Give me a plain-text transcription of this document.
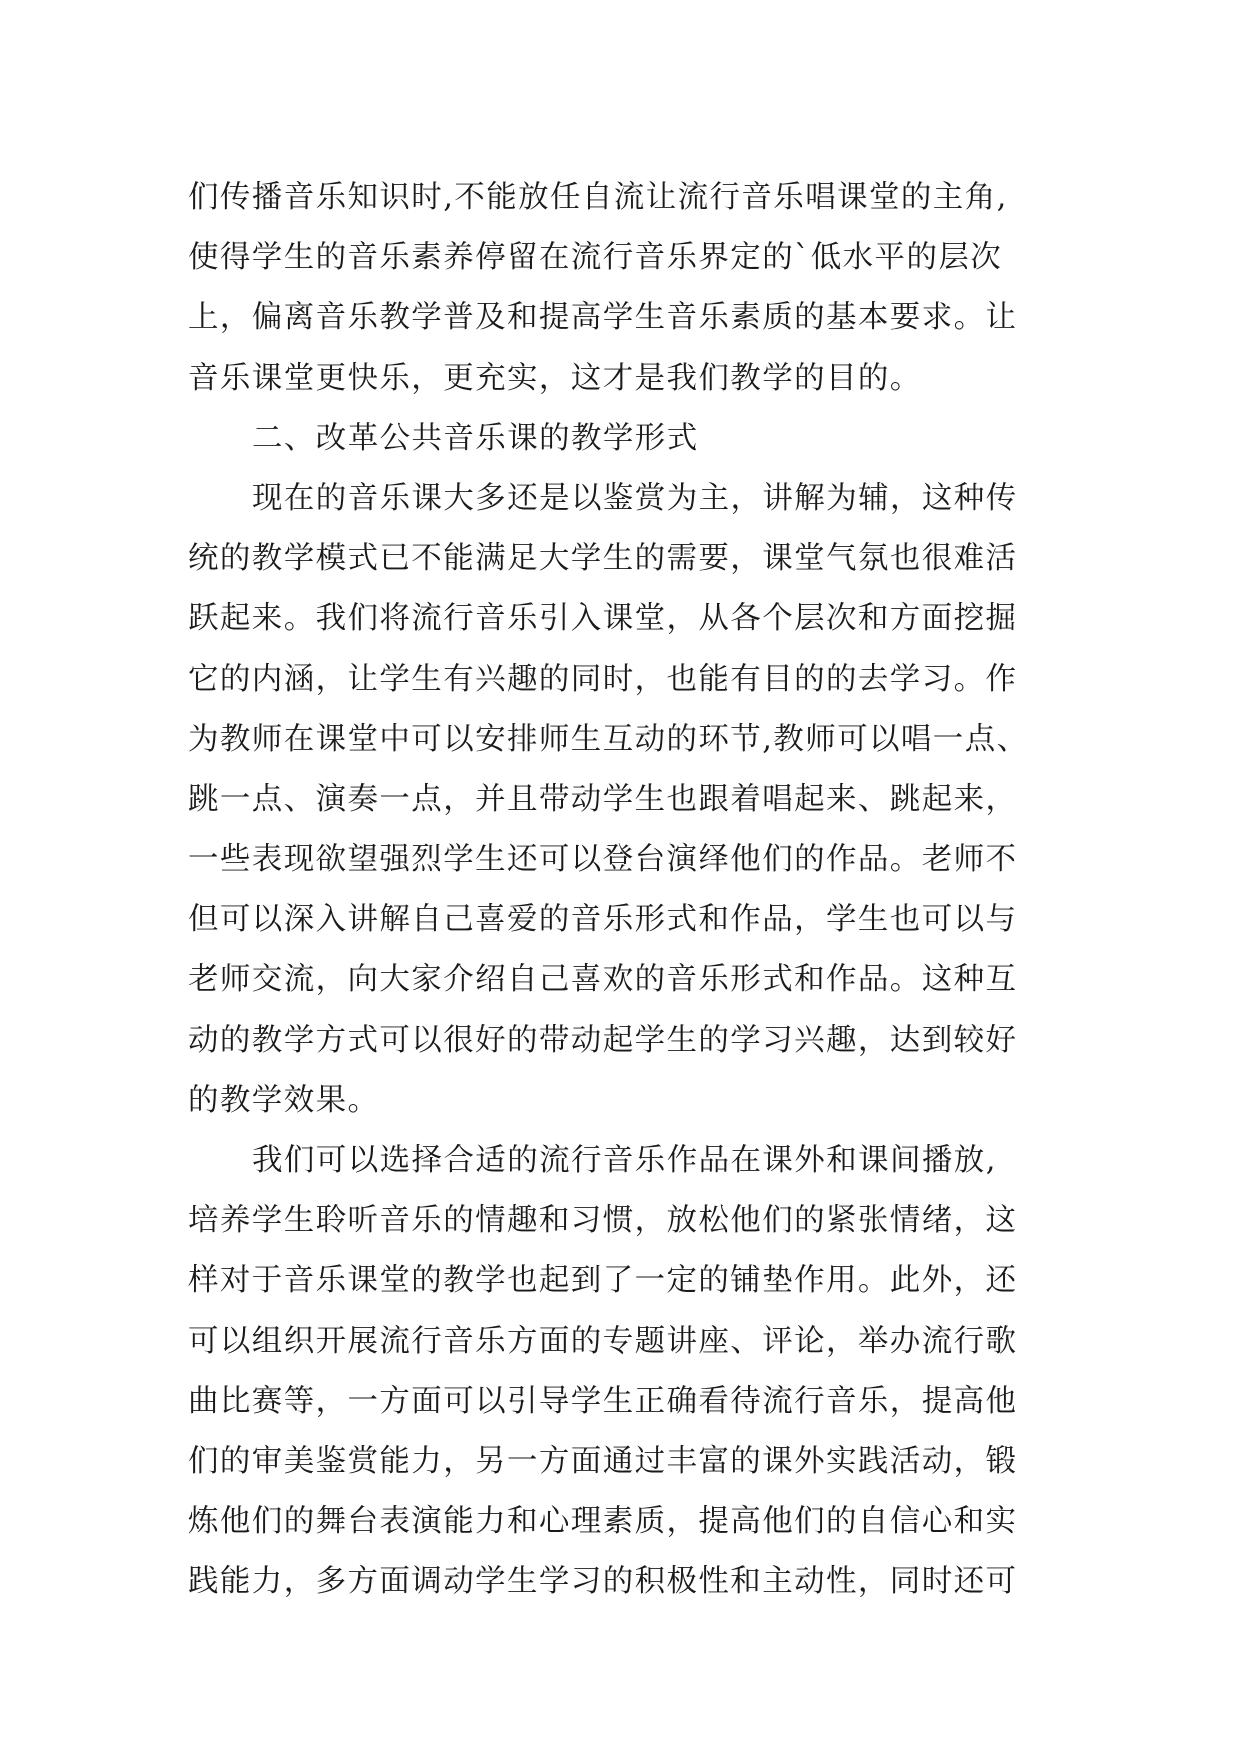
们传播音乐知识时,不能放任自流让流行音乐唱课堂的主角,
使得学生的音乐素养停留在流行音乐界定的`低水平的层次
上，偏离音乐教学普及和提高学生音乐素质的基本要求。让
音乐课堂更快乐，更充实，这才是我们教学的目的。
二、改革公共音乐课的教学形式
现在的音乐课大多还是以鉴赏为主，讲解为辅，这种传
统的教学模式已不能满足大学生的需要，课堂气氛也很难活
跃起来。我们将流行音乐引入课堂，从各个层次和方面挖掘
它的内涵，让学生有兴趣的同时，也能有目的的去学习。作
为教师在课堂中可以安排师生互动的环节,教师可以唱一点、
跳一点、演奏一点，并且带动学生也跟着唱起来、跳起来，
一些表现欲望强烈学生还可以登台演绎他们的作品。老师不
但可以深入讲解自己喜爱的音乐形式和作品，学生也可以与
老师交流，向大家介绍自己喜欢的音乐形式和作品。这种互
动的教学方式可以很好的带动起学生的学习兴趣，达到较好
的教学效果。
我们可以选择合适的流行音乐作品在课外和课间播放,
培养学生聆听音乐的情趣和习惯，放松他们的紧张情绪，这
样对于音乐课堂的教学也起到了一定的铺垫作用。此外，还
可以组织开展流行音乐方面的专题讲座、评论，举办流行歌
曲比赛等，一方面可以引导学生正确看待流行音乐，提高他
们的审美鉴赏能力，另一方面通过丰富的课外实践活动，锻
炼他们的舞台表演能力和心理素质，提高他们的自信心和实
践能力，多方面调动学生学习的积极性和主动性，同时还可
